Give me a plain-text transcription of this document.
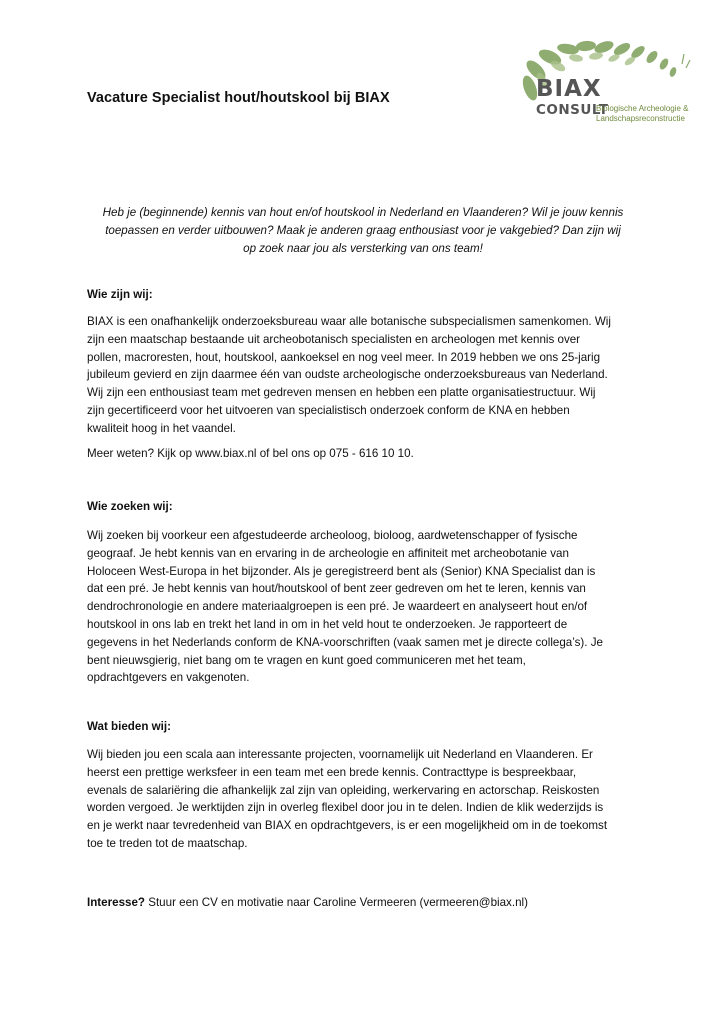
Vacature Specialist hout/houtskool bij BIAX	BIAX
CONSULT
Biologische Archeologie &
Landschapsreconstructie
Heb je (beginnende) kennis van hout en/of houtskool in Nederland en Vlaanderen? Wil je jouw kennis
toepassen en verder uitbouwen? Maak je anderen graag enthousiast voor je vakgebied? Dan zijn wij
op zoek naar jou als versterking van ons team!
Wie zijn wij:
BIAX is een onafhankelijk onderzoeksbureau waar alle botanische subspecialismen samenkomen. Wij
zijn een maatschap bestaande uit archeobotanisch specialisten en archeologen met kennis over
pollen, macroresten, hout, houtskool, aankoeksel en nog veel meer. In 2019 hebben we ons 25-jarig
jubileum gevierd en zijn daarmee één van oudste archeologische onderzoeksbureaus van Nederland.
Wij zijn een enthousiast team met gedreven mensen en hebben een platte organisatiestructuur. Wij
zijn gecertificeerd voor het uitvoeren van specialistisch onderzoek conform de KNA en hebben
kwaliteit hoog in het vaandel.
Meer weten? Kijk op www.biax.nl of bel ons op 075 - 616 10 10.
Wie zoeken wij:
Wij zoeken bij voorkeur een afgestudeerde archeoloog, bioloog, aardwetenschapper of fysische
geograaf. Je hebt kennis van en ervaring in de archeologie en affiniteit met archeobotanie van
Holoceen West-Europa in het bijzonder. Als je geregistreerd bent als (Senior) KNA Specialist dan is
dat een pré. Je hebt kennis van hout/houtskool of bent zeer gedreven om het te leren, kennis van
dendrochronologie en andere materiaalgroepen is een pré. Je waardeert en analyseert hout en/of
houtskool in ons lab en trekt het land in om in het veld hout te onderzoeken. Je rapporteert de
gegevens in het Nederlands conform de KNA-voorschriften (vaak samen met je directe collega’s). Je
bent nieuwsgierig, niet bang om te vragen en kunt goed communiceren met het team,
opdrachtgevers en vakgenoten.
Wat bieden wij:
Wij bieden jou een scala aan interessante projecten, voornamelijk uit Nederland en Vlaanderen. Er
heerst een prettige werksfeer in een team met een brede kennis. Contracttype is bespreekbaar,
evenals de salariëring die afhankelijk zal zijn van opleiding, werkervaring en actorschap. Reiskosten
worden vergoed. Je werktijden zijn in overleg flexibel door jou in te delen. Indien de klik wederzijds is
en je werkt naar tevredenheid van BIAX en opdrachtgevers, is er een mogelijkheid om in de toekomst
toe te treden tot de maatschap.
Interesse? Stuur een CV en motivatie naar Caroline Vermeeren (vermeeren@biax.nl)
